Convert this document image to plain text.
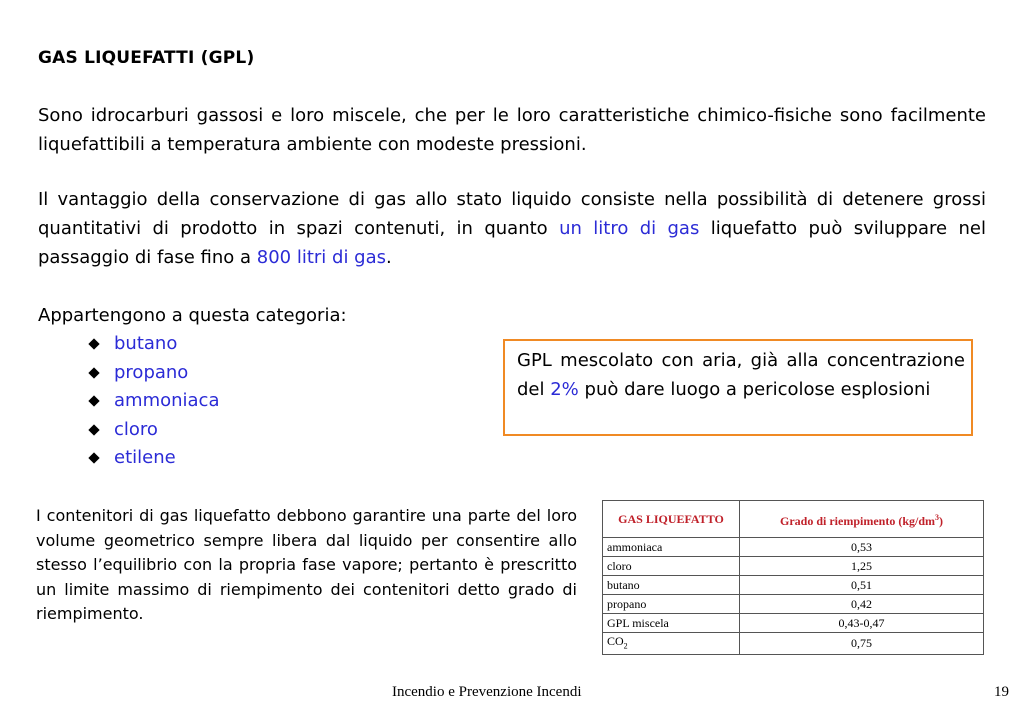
GAS LIQUEFATTI (GPL)
Sono idrocarburi gassosi e loro miscele, che per le loro caratteristiche chimico-fisiche sono facilmente liquefattibili a temperatura ambiente con modeste pressioni.
Il vantaggio della conservazione di gas allo stato liquido consiste nella possibilità di detenere grossi quantitativi di prodotto in spazi contenuti, in quanto un litro di gas liquefatto può sviluppare nel passaggio di fase fino a 800 litri di gas.
Appartengono a questa categoria:
butano
propano
ammoniaca
cloro
etilene
GPL mescolato con aria, già alla concentrazione del 2% può dare luogo a pericolose esplosioni
I contenitori di gas liquefatto debbono garantire una parte del loro volume geometrico sempre libera dal liquido per consentire allo stesso l’equilibrio con la propria fase vapore; pertanto è prescritto un limite massimo di riempimento dei contenitori detto grado di riempimento.
GAS LIQUEFATTO	Grado di riempimento $(kg/dm^3)$
ammoniaca	0,53
cloro	1,25
butano	0,51
propano	0,42
GPL miscela	0,43-0,47
$CO_2$	0,75
Incendio e Prevenzione Incendi	19
